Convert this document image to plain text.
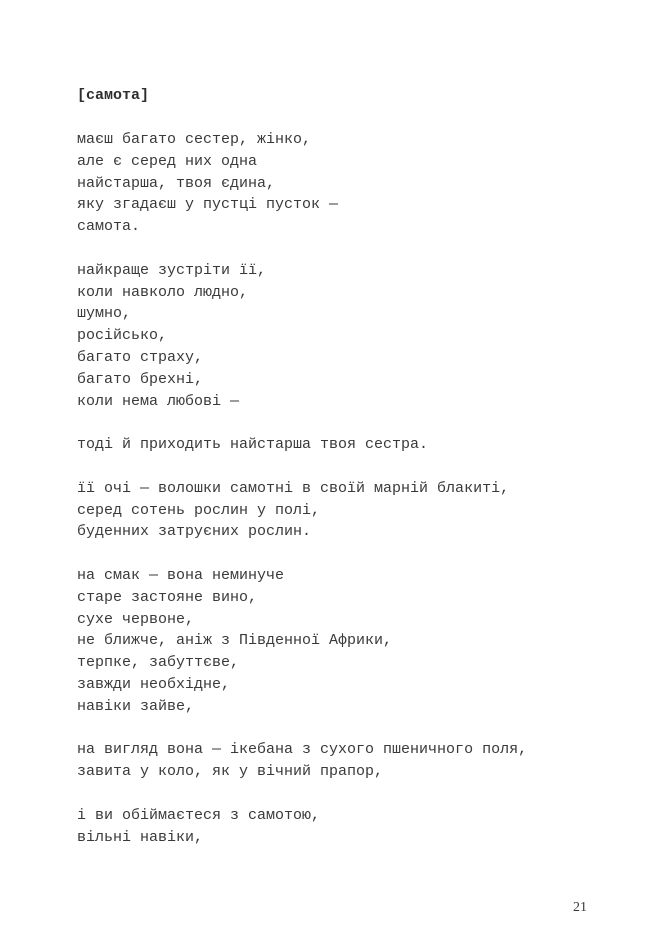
[самота]
маєш багато сестер, жінко,
але є серед них одна
найстарша, твоя єдина,
яку згадаєш у пустці пусток —
самота.
найкраще зустріти її,
коли навколо людно,
шумно,
російсько,
багато страху,
багато брехні,
коли нема любові —
тоді й приходить найстарша твоя сестра.
її очі — волошки самотні в своїй марній блакиті,
серед сотень рослин у полі,
буденних затруєних рослин.
на смак — вона неминуче
старе застояне вино,
сухе червоне,
не ближче, аніж з Південної Африки,
терпке, забуттєве,
завжди необхідне,
навіки зайве,
на вигляд вона — ікебана з сухого пшеничного поля,
завита у коло, як у вічний прапор,
і ви обіймаєтеся з самотою,
вільні навіки,
21
